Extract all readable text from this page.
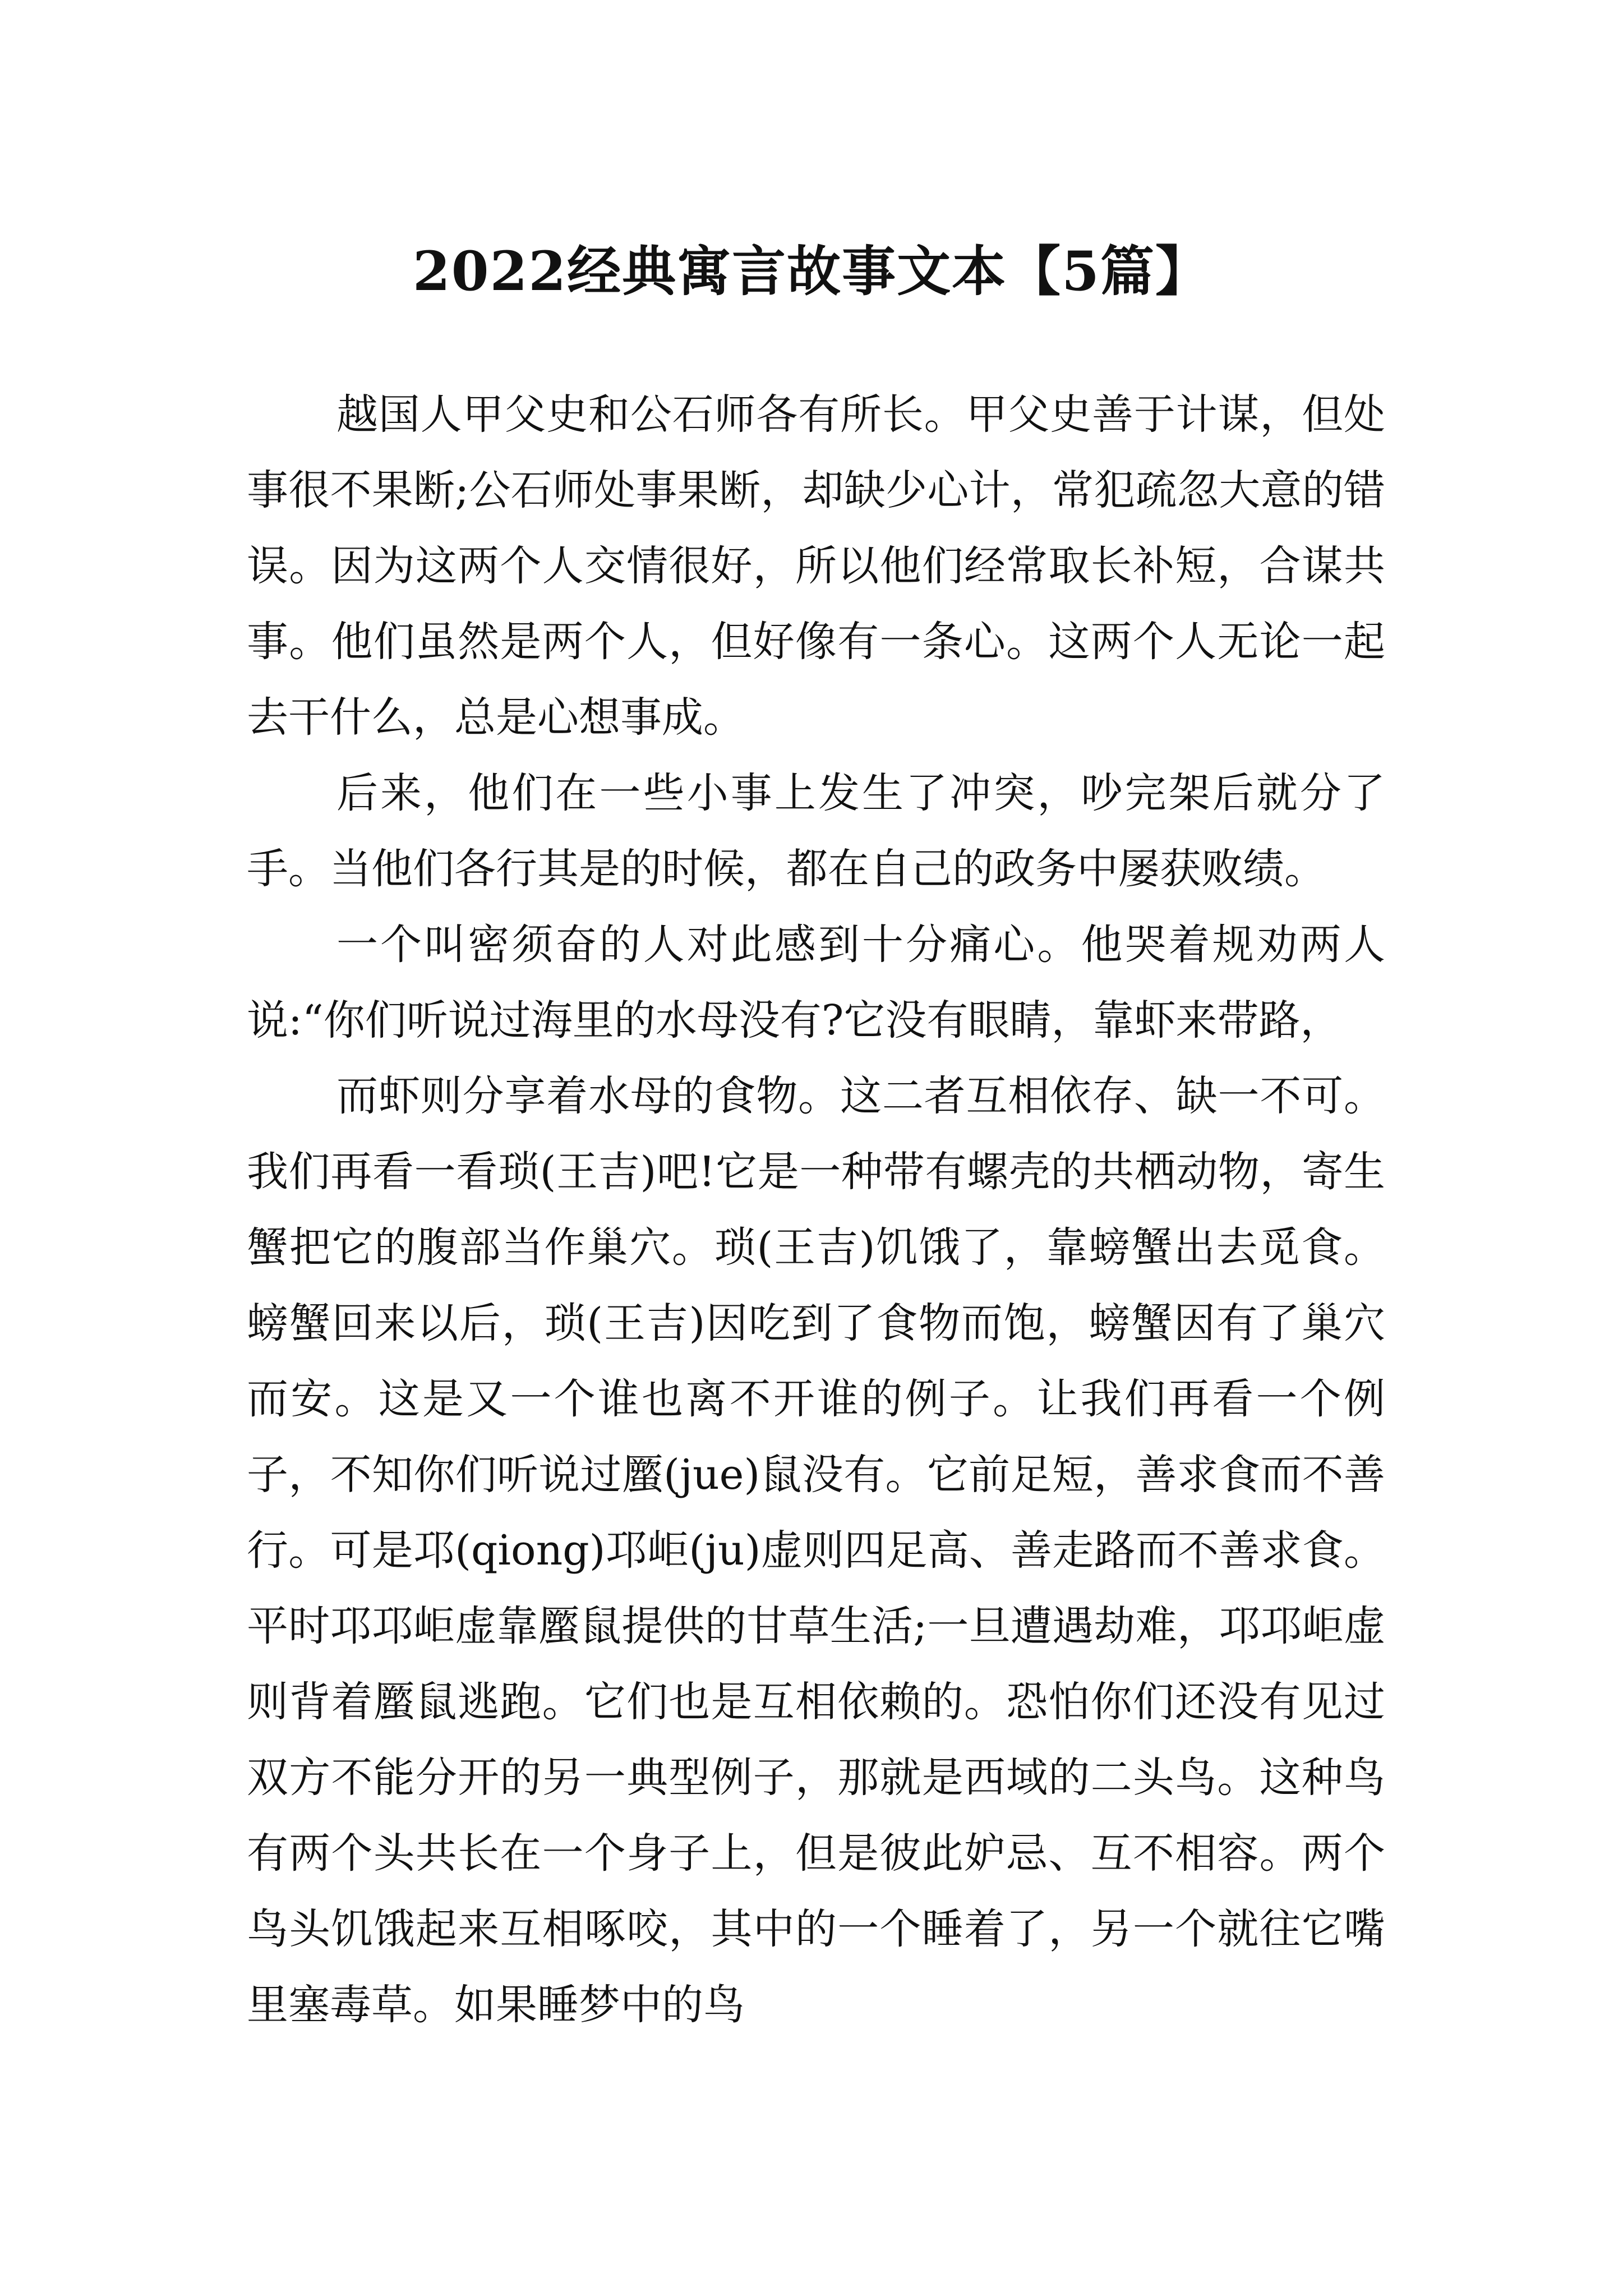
2022经典寓言故事文本【5篇】

越国人甲父史和公石师各有所长。甲父史善于计谋，但处事很不果断;公石师处事果断，却缺少心计，常犯疏忽大意的错误。因为这两个人交情很好，所以他们经常取长补短，合谋共事。他们虽然是两个人，但好像有一条心。这两个人无论一起去干什么，总是心想事成。

后来，他们在一些小事上发生了冲突，吵完架后就分了手。当他们各行其是的时候，都在自己的政务中屡获败绩。

一个叫密须奋的人对此感到十分痛心。他哭着规劝两人说:“你们听说过海里的水母没有?它没有眼睛，靠虾来带路，

而虾则分享着水母的食物。这二者互相依存、缺一不可。我们再看一看琐(王吉)吧!它是一种带有螺壳的共栖动物，寄生蟹把它的腹部当作巢穴。琐(王吉)饥饿了，靠螃蟹出去觅食。螃蟹回来以后，琐(王吉)因吃到了食物而饱，螃蟹因有了巢穴而安。这是又一个谁也离不开谁的例子。让我们再看一个例子，不知你们听说过蟨(jue)鼠没有。它前足短，善求食而不善行。可是邛(qiong)邛岠(ju)虚则四足高、善走路而不善求食。平时邛邛岠虚靠蟨鼠提供的甘草生活;一旦遭遇劫难，邛邛岠虚则背着蟨鼠逃跑。它们也是互相依赖的。恐怕你们还没有见过双方不能分开的另一典型例子，那就是西域的二头鸟。这种鸟有两个头共长在一个身子上，但是彼此妒忌、互不相容。两个鸟头饥饿起来互相啄咬，其中的一个睡着了，另一个就往它嘴里塞毒草。如果睡梦中的鸟
